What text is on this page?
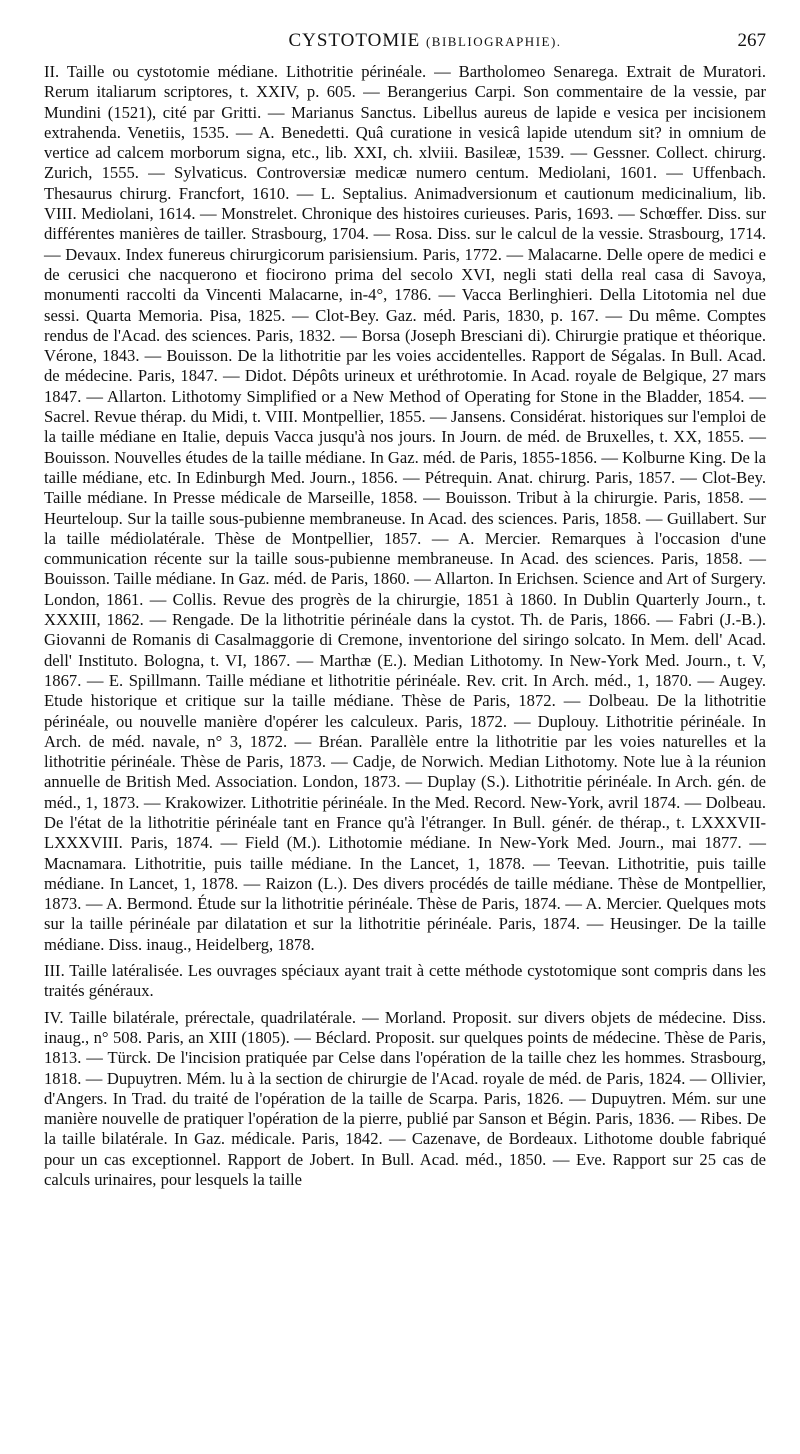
CYSTOTOMIE (BIBLIOGRAPHIE).	267

II. Taille ou cystotomie médiane. Lithotritie périnéale. — Bartholomeo Senarega. Extrait de Muratori. Rerum italiarum scriptores, t. XXIV, p. 605. — Berangerius Carpi. Son commentaire de la vessie, par Mundini (1521), cité par Gritti. — Marianus Sanctus. Libellus aureus de lapide e vesica per incisionem extrahenda. Venetiis, 1535. — A. Benedetti. Quâ curatione in vesicâ lapide utendum sit? in omnium de vertice ad calcem morborum signa, etc., lib. XXI, ch. xlviii. Basileæ, 1539. — Gessner. Collect. chirurg. Zurich, 1555. — Sylvaticus. Controversiæ medicæ numero centum. Mediolani, 1601. — Uffenbach. Thesaurus chirurg. Francfort, 1610. — L. Septalius. Animadversionum et cautionum medicinalium, lib. VIII. Mediolani, 1614. — Monstrelet. Chronique des histoires curieuses. Paris, 1693. — Schœffer. Diss. sur différentes manières de tailler. Strasbourg, 1704. — Rosa. Diss. sur le calcul de la vessie. Strasbourg, 1714. — Devaux. Index funereus chirurgicorum parisiensium. Paris, 1772. — Malacarne. Delle opere de medici e de cerusici che nacquerono et fiocirono prima del secolo XVI, negli stati della real casa di Savoya, monumenti raccolti da Vincenti Malacarne, in-4°, 1786. — Vacca Berlinghieri. Della Litotomia nel due sessi. Quarta Memoria. Pisa, 1825. — Clot-Bey. Gaz. méd. Paris, 1830, p. 167. — Du même. Comptes rendus de l'Acad. des sciences. Paris, 1832. — Borsa (Joseph Bresciani di). Chirurgie pratique et théorique. Vérone, 1843. — Bouisson. De la lithotritie par les voies accidentelles. Rapport de Ségalas. In Bull. Acad. de médecine. Paris, 1847. — Didot. Dépôts urineux et uréthrotomie. In Acad. royale de Belgique, 27 mars 1847. — Allarton. Lithotomy Simplified or a New Method of Operating for Stone in the Bladder, 1854. — Sacrel. Revue thérap. du Midi, t. VIII. Montpellier, 1855. — Jansens. Considérat. historiques sur l'emploi de la taille médiane en Italie, depuis Vacca jusqu'à nos jours. In Journ. de méd. de Bruxelles, t. XX, 1855. — Bouisson. Nouvelles études de la taille médiane. In Gaz. méd. de Paris, 1855-1856. — Kolburne King. De la taille médiane, etc. In Edinburgh Med. Journ., 1856. — Pétrequin. Anat. chirurg. Paris, 1857. — Clot-Bey. Taille médiane. In Presse médicale de Marseille, 1858. — Bouisson. Tribut à la chirurgie. Paris, 1858. — Heurteloup. Sur la taille sous-pubienne membraneuse. In Acad. des sciences. Paris, 1858. — Guillabert. Sur la taille médiolatérale. Thèse de Montpellier, 1857. — A. Mercier. Remarques à l'occasion d'une communication récente sur la taille sous-pubienne membraneuse. In Acad. des sciences. Paris, 1858. — Bouisson. Taille médiane. In Gaz. méd. de Paris, 1860. — Allarton. In Erichsen. Science and Art of Surgery. London, 1861. — Collis. Revue des progrès de la chirurgie, 1851 à 1860. In Dublin Quarterly Journ., t. XXXIII, 1862. — Rengade. De la lithotritie périnéale dans la cystot. Th. de Paris, 1866. — Fabri (J.-B.). Giovanni de Romanis di Casalmaggorie di Cremone, inventorione del siringo solcato. In Mem. dell' Acad. dell' Instituto. Bologna, t. VI, 1867. — Marthæ (E.). Median Lithotomy. In New-York Med. Journ., t. V, 1867. — E. Spillmann. Taille médiane et lithotritie périnéale. Rev. crit. In Arch. méd., 1, 1870. — Augey. Etude historique et critique sur la taille médiane. Thèse de Paris, 1872. — Dolbeau. De la lithotritie périnéale, ou nouvelle manière d'opérer les calculeux. Paris, 1872. — Duplouy. Lithotritie périnéale. In Arch. de méd. navale, n° 3, 1872. — Bréan. Parallèle entre la lithotritie par les voies naturelles et la lithotritie périnéale. Thèse de Paris, 1873. — Cadje, de Norwich. Median Lithotomy. Note lue à la réunion annuelle de British Med. Association. London, 1873. — Duplay (S.). Lithotritie périnéale. In Arch. gén. de méd., 1, 1873. — Krakowizer. Lithotritie périnéale. In the Med. Record. New-York, avril 1874. — Dolbeau. De l'état de la lithotritie périnéale tant en France qu'à l'étranger. In Bull. génér. de thérap., t. LXXXVII-LXXXVIII. Paris, 1874. — Field (M.). Lithotomie médiane. In New-York Med. Journ., mai 1877. — Macnamara. Lithotritie, puis taille médiane. In the Lancet, 1, 1878. — Teevan. Lithotritie, puis taille médiane. In Lancet, 1, 1878. — Raizon (L.). Des divers procédés de taille médiane. Thèse de Montpellier, 1873. — A. Bermond. Étude sur la lithotritie périnéale. Thèse de Paris, 1874. — A. Mercier. Quelques mots sur la taille périnéale par dilatation et sur la lithotritie périnéale. Paris, 1874. — Heusinger. De la taille médiane. Diss. inaug., Heidelberg, 1878.

III. Taille latéralisée. Les ouvrages spéciaux ayant trait à cette méthode cystotomique sont compris dans les traités généraux.

IV. Taille bilatérale, prérectale, quadrilatérale. — Morland. Proposit. sur divers objets de médecine. Diss. inaug., n° 508. Paris, an XIII (1805). — Béclard. Proposit. sur quelques points de médecine. Thèse de Paris, 1813. — Türck. De l'incision pratiquée par Celse dans l'opération de la taille chez les hommes. Strasbourg, 1818. — Dupuytren. Mém. lu à la section de chirurgie de l'Acad. royale de méd. de Paris, 1824. — Ollivier, d'Angers. In Trad. du traité de l'opération de la taille de Scarpa. Paris, 1826. — Dupuytren. Mém. sur une manière nouvelle de pratiquer l'opération de la pierre, publié par Sanson et Bégin. Paris, 1836. — Ribes. De la taille bilatérale. In Gaz. médicale. Paris, 1842. — Cazenave, de Bordeaux. Lithotome double fabriqué pour un cas exceptionnel. Rapport de Jobert. In Bull. Acad. méd., 1850. — Eve. Rapport sur 25 cas de calculs urinaires, pour lesquels la taille
